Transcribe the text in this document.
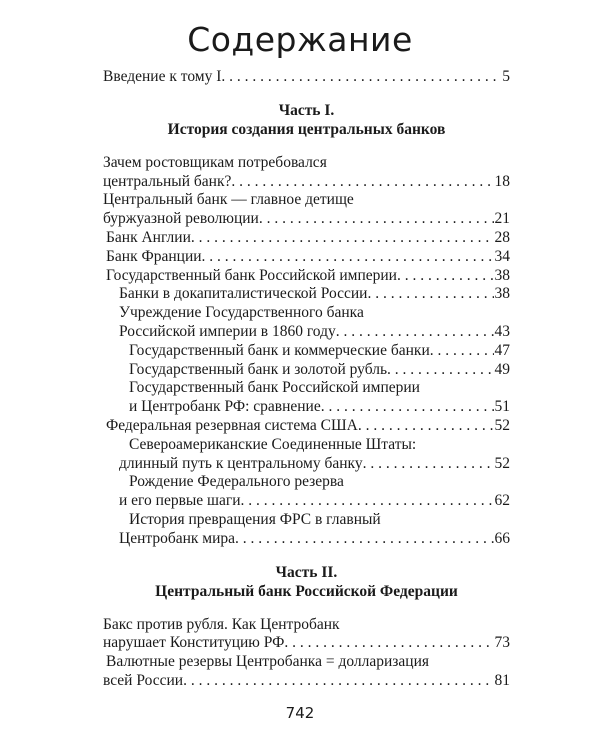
Содержание
Введение к тому I . . .	5
Часть I.
История создания центральных банков
Зачем ростовщикам потребовался
центральный банк? . . .	18
Центральный банк — главное детище
буржуазной революции . . .	21
Банк Англии . . .	28
Банк Франции . . .	34
Государственный банк Российской империи . . .	38
Банки в докапиталистической России . . .	38
Учреждение Государственного банка
Российской империи в 1860 году . . .	43
Государственный банк и коммерческие банки . . .	47
Государственный банк и золотой рубль . . .	49
Государственный банк Российской империи
и Центробанк РФ: сравнение . . .	51
Федеральная резервная система США . . .	52
Североамериканские Соединенные Штаты:
длинный путь к центральному банку . . .	52
Рождение Федерального резерва
и его первые шаги . . .	62
История превращения ФРС в главный
Центробанк мира . . .	66
Часть II.
Центральный банк Российской Федерации
Бакс против рубля. Как Центробанк
нарушает Конституцию РФ . . .	73
Валютные резервы Центробанка = долларизация
всей России . . .	81
742
